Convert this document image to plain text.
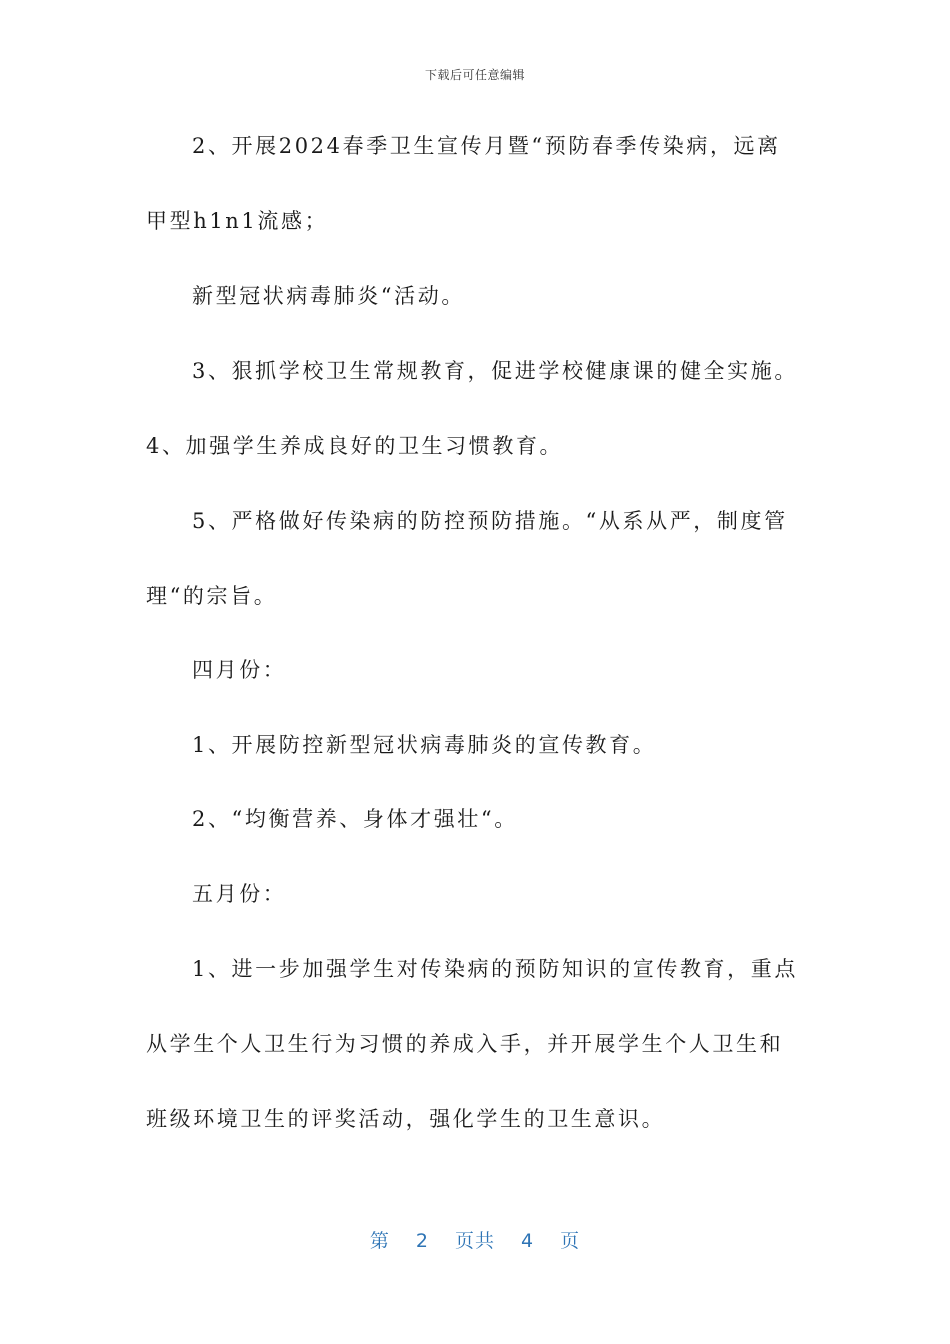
下载后可任意编辑
2、开展2024春季卫生宣传月暨“预防春季传染病，远离
甲型h1n1流感；
新型冠状病毒肺炎“活动。
3、狠抓学校卫生常规教育，促进学校健康课的健全实施。
4、加强学生养成良好的卫生习惯教育。
5、严格做好传染病的防控预防措施。“从系从严，制度管
理“的宗旨。
四月份：
1、开展防控新型冠状病毒肺炎的宣传教育。
2、“均衡营养、身体才强壮“。
五月份：
1、进一步加强学生对传染病的预防知识的宣传教育，重点
从学生个人卫生行为习惯的养成入手，并开展学生个人卫生和
班级环境卫生的评奖活动，强化学生的卫生意识。
第 2 页共 4 页
